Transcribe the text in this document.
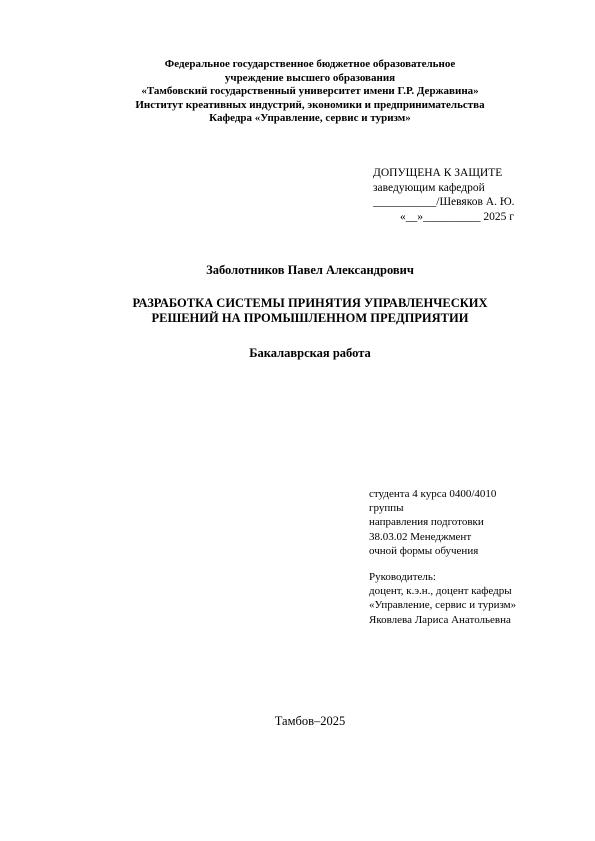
Федеральное государственное бюджетное образовательное
учреждение высшего образования
«Тамбовский государственный университет имени Г.Р. Державина»
Институт креативных индустрий, экономики и предпринимательства
Кафедра «Управление, сервис и туризм»
ДОПУЩЕНА К ЗАЩИТЕ
заведующим кафедрой
___________/Шевяков А. Ю.
«__»__________ 2025 г
Заболотников Павел Александрович
РАЗРАБОТКА СИСТЕМЫ ПРИНЯТИЯ УПРАВЛЕНЧЕСКИХ
РЕШЕНИЙ НА ПРОМЫШЛЕННОМ ПРЕДПРИЯТИИ
Бакалаврская работа
студента 4 курса 0400/4010
группы
направления подготовки
38.03.02 Менеджмент
очной формы обучения
Руководитель:
доцент, к.э.н., доцент кафедры
«Управление, сервис и туризм»
Яковлева Лариса Анатольевна
Тамбов–2025
